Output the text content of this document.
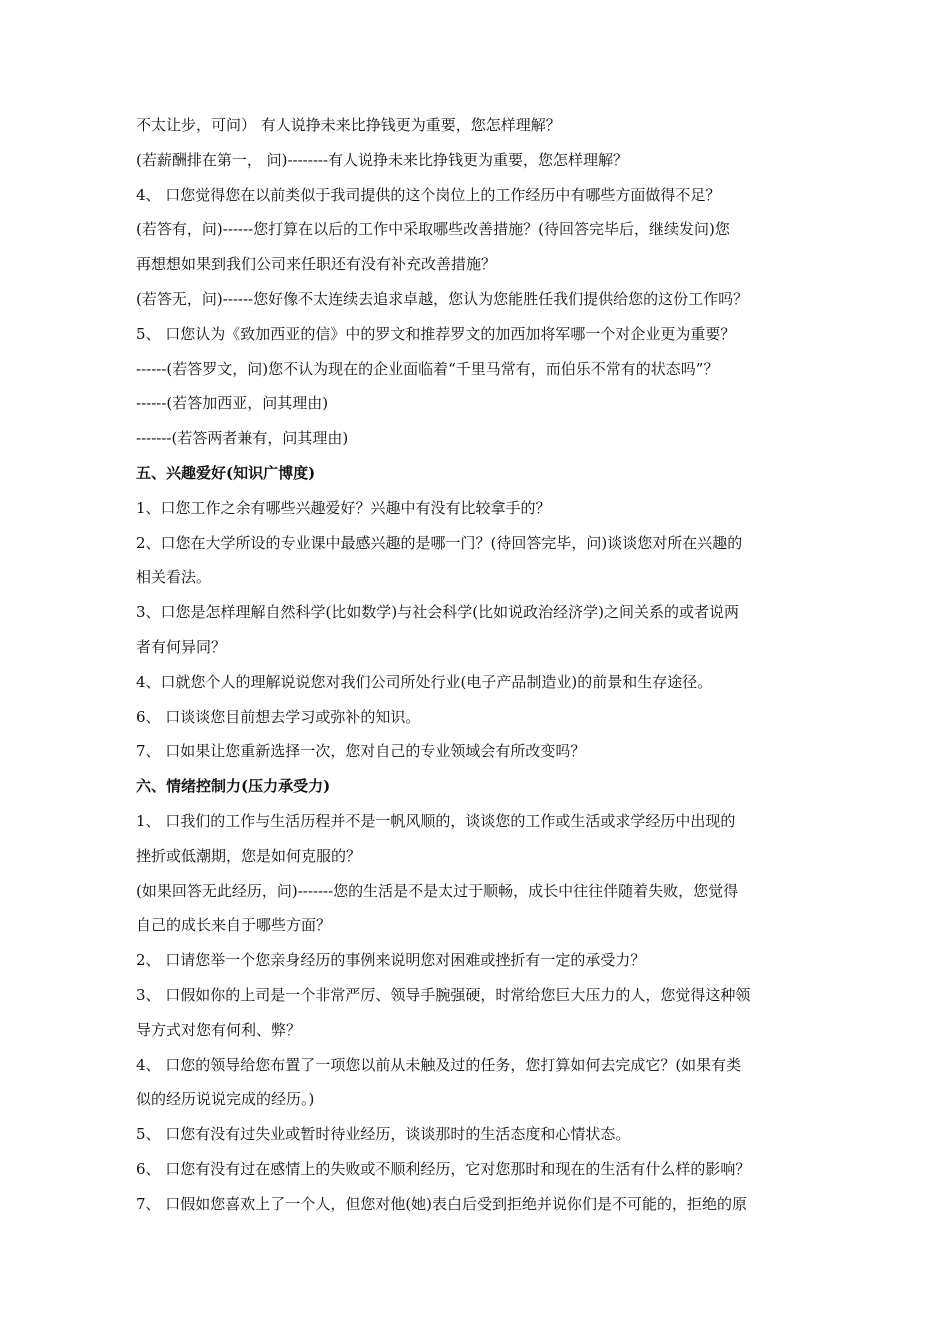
不太让步，可问） 有人说挣未来比挣钱更为重要，您怎样理解？
(若薪酬排在第一， 问)--------有人说挣未来比挣钱更为重要，您怎样理解？
4、 口您觉得您在以前类似于我司提供的这个岗位上的工作经历中有哪些方面做得不足？
(若答有，问)------您打算在以后的工作中采取哪些改善措施？(待回答完毕后，继续发问)您
再想想如果到我们公司来任职还有没有补充改善措施？
(若答无，问)------您好像不太连续去追求卓越，您认为您能胜任我们提供给您的这份工作吗？
5、 口您认为《致加西亚的信》中的罗文和推荐罗文的加西加将军哪一个对企业更为重要？
------(若答罗文，问)您不认为现在的企业面临着“千里马常有，而伯乐不常有的状态吗”？
------(若答加西亚，问其理由)
-------(若答两者兼有，问其理由)
五、兴趣爱好(知识广博度)
1、口您工作之余有哪些兴趣爱好？兴趣中有没有比较拿手的？
2、口您在大学所设的专业课中最感兴趣的是哪一门？(待回答完毕，问)谈谈您对所在兴趣的
相关看法。
3、口您是怎样理解自然科学(比如数学)与社会科学(比如说政治经济学)之间关系的或者说两
者有何异同？
4、口就您个人的理解说说您对我们公司所处行业(电子产品制造业)的前景和生存途径。
6、 口谈谈您目前想去学习或弥补的知识。
7、 口如果让您重新选择一次，您对自己的专业领域会有所改变吗？
六、情绪控制力(压力承受力)
1、 口我们的工作与生活历程并不是一帆风顺的，谈谈您的工作或生活或求学经历中出现的
挫折或低潮期，您是如何克服的？
(如果回答无此经历，问)-------您的生活是不是太过于顺畅，成长中往往伴随着失败，您觉得
自己的成长来自于哪些方面？
2、 口请您举一个您亲身经历的事例来说明您对困难或挫折有一定的承受力？
3、 口假如你的上司是一个非常严厉、领导手腕强硬，时常给您巨大压力的人，您觉得这种领
导方式对您有何利、弊？
4、 口您的领导给您布置了一项您以前从未触及过的任务，您打算如何去完成它？(如果有类
似的经历说说完成的经历。)
5、 口您有没有过失业或暂时待业经历，谈谈那时的生活态度和心情状态。
6、 口您有没有过在感情上的失败或不顺利经历，它对您那时和现在的生活有什么样的影响？
7、 口假如您喜欢上了一个人，但您对他(她)表白后受到拒绝并说你们是不可能的，拒绝的原
